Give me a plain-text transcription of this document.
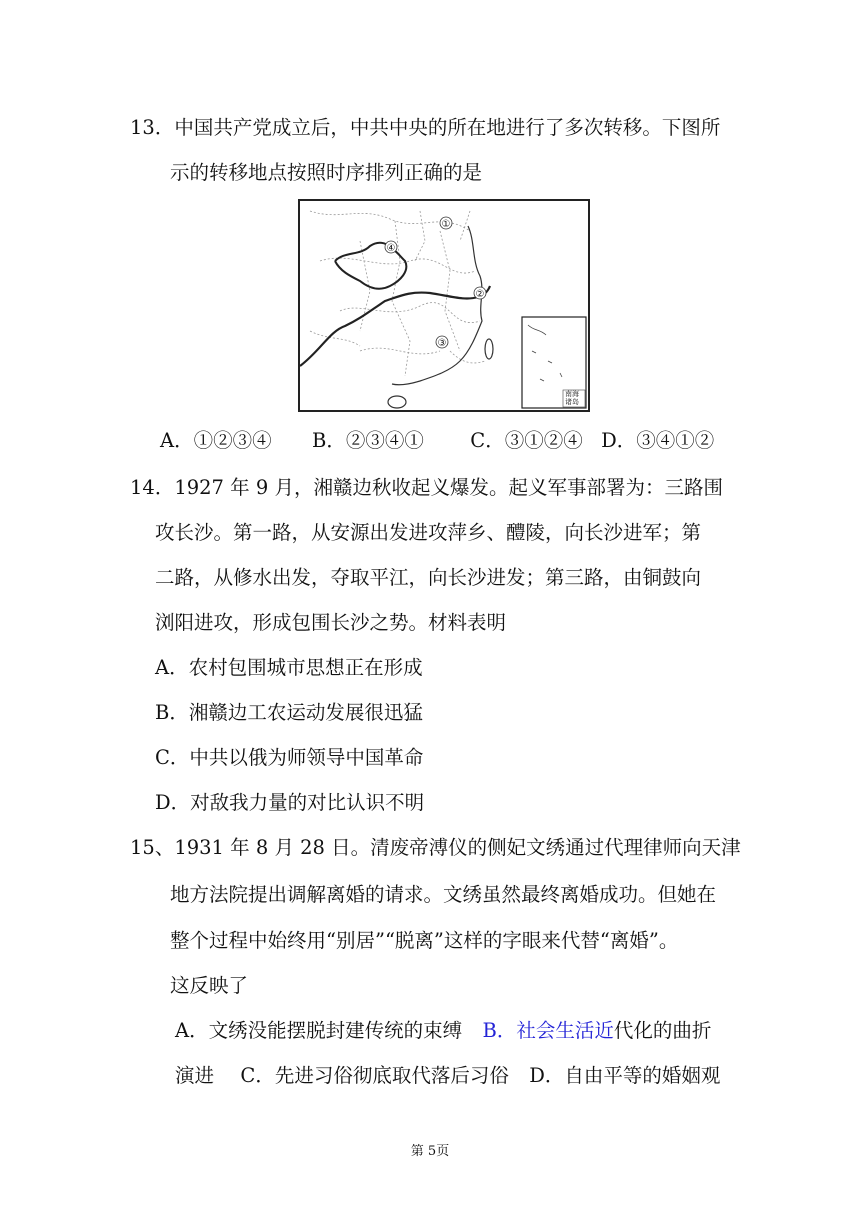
13．中国共产党成立后，中共中央的所在地进行了多次转移。下图所
示的转移地点按照时序排列正确的是
①
②
③
④
南海
诸岛
A．①②③④ B．②③④① C．③①②④ D．③④①②
14．1927 年 9 月，湘赣边秋收起义爆发。起义军事部署为：三路围
攻长沙。第一路，从安源出发进攻萍乡、醴陵，向长沙进军；第
二路，从修水出发，夺取平江，向长沙进发；第三路，由铜鼓向
浏阳进攻，形成包围长沙之势。材料表明
A．农村包围城市思想正在形成
B．湘赣边工农运动发展很迅猛
C．中共以俄为师领导中国革命
D．对敌我力量的对比认识不明
15、1931 年 8 月 28 日。清废帝溥仪的侧妃文绣通过代理律师向天津
地方法院提出调解离婚的请求。文绣虽然最终离婚成功。但她在
整个过程中始终用“别居”“脱离”这样的字眼来代替“离婚”。
这反映了
A．文绣没能摆脱封建传统的束缚 B．社会生活近代化的曲折
演进 C．先进习俗彻底取代落后习俗 D．自由平等的婚姻观
第 5页
